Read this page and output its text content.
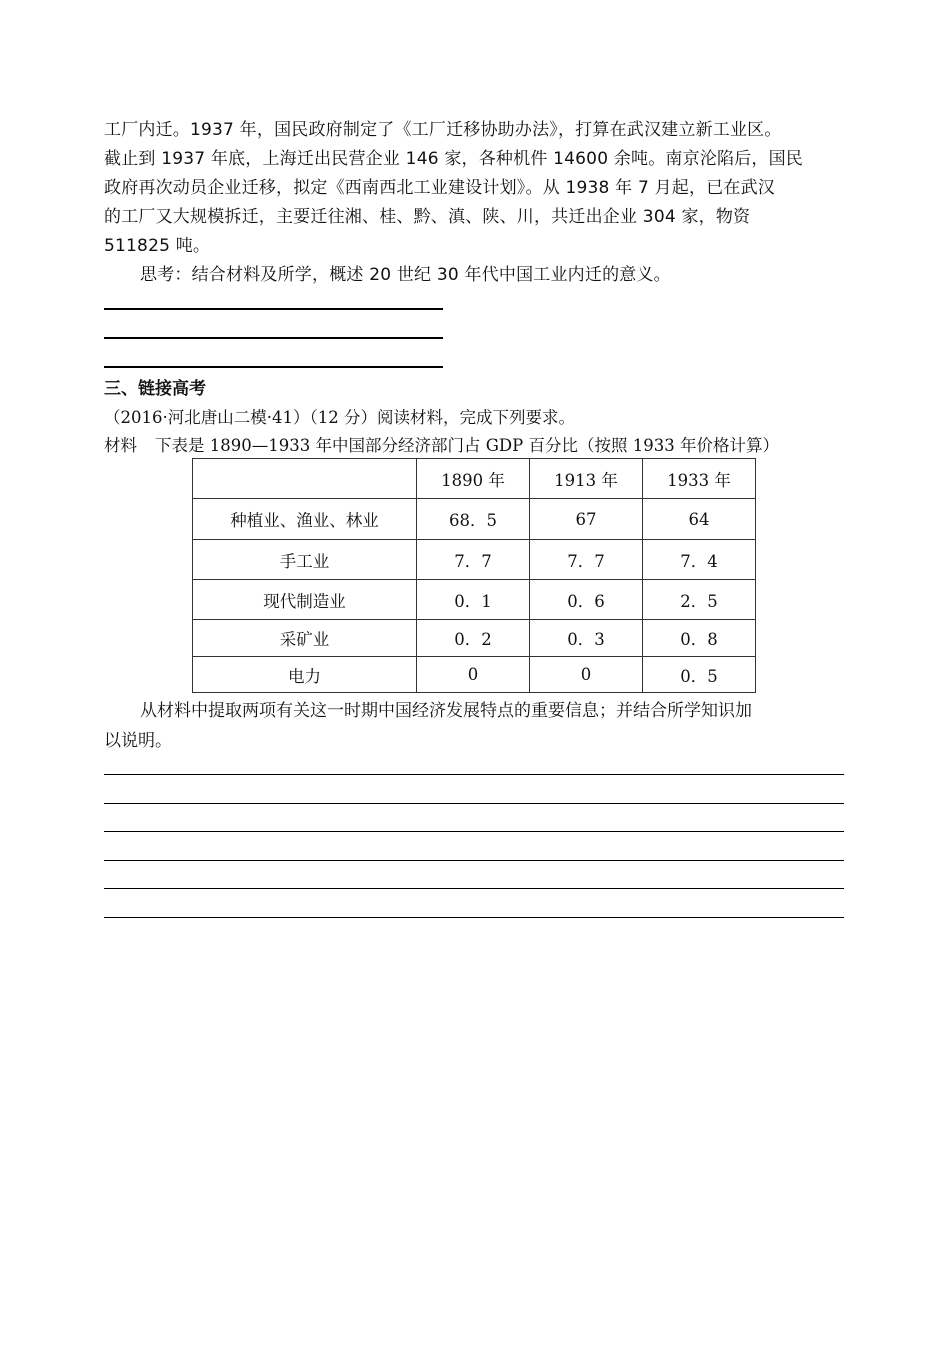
工厂内迁。1937 年，国民政府制定了《工厂迁移协助办法》，打算在武汉建立新工业区。

截止到 1937 年底，上海迁出民营企业 146 家，各种机件 14600 余吨。南京沦陷后，国民

政府再次动员企业迁移，拟定《西南西北工业建设计划》。从 1938 年 7 月起，已在武汉

的工厂又大规模拆迁，主要迁往湘、桂、黔、滇、陕、川，共迁出企业 304 家，物资

511825 吨。

思考：结合材料及所学，概述 20 世纪 30 年代中国工业内迁的意义。

三、链接高考
（2016·河北唐山二模·41）（12 分）阅读材料，完成下列要求。
材料 下表是 1890—1933 年中国部分经济部门占 GDP 百分比（按照 1933 年价格计算）
	1890 年	1913 年	1933 年
种植业、渔业、林业	68．5	67	64
手工业	7．7	7．7	7．4
现代制造业	0．1	0．6	2．5
采矿业	0．2	0．3	0．8
电力	0	0	0．5

从材料中提取两项有关这一时期中国经济发展特点的重要信息；并结合所学知识加

以说明。
